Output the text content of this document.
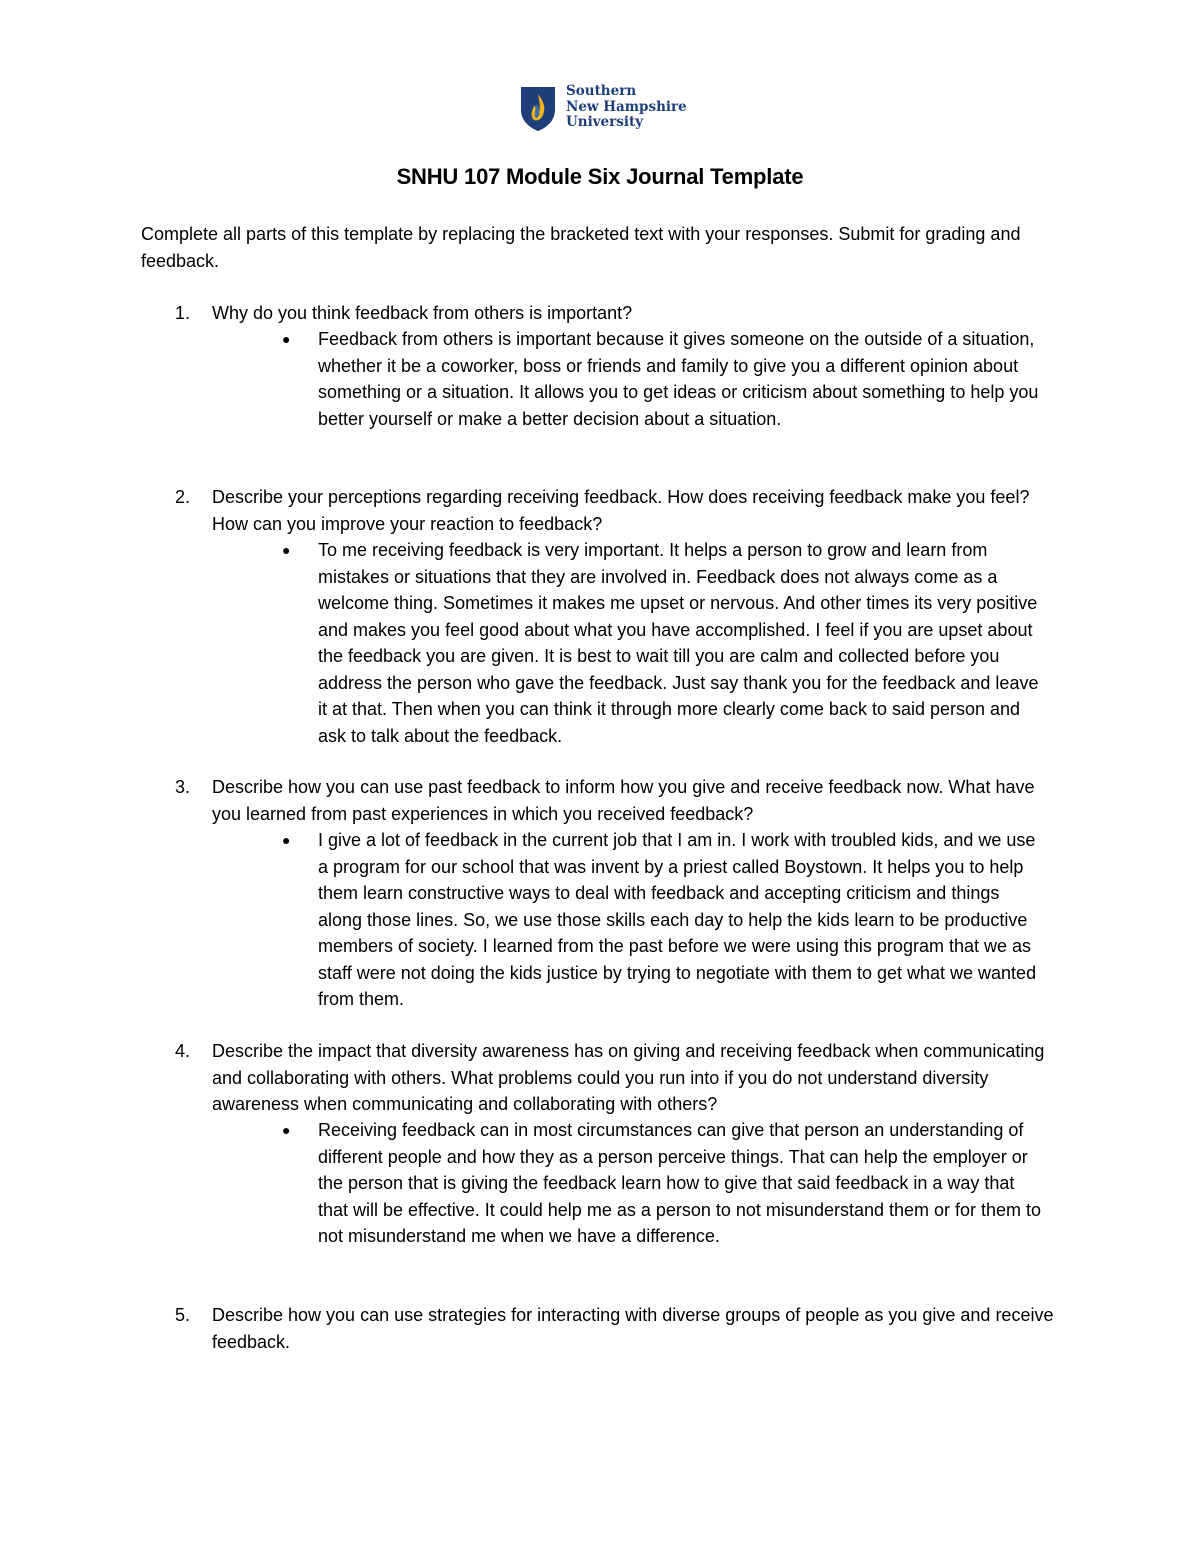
Southern
New Hampshire
University
SNHU 107 Module Six Journal Template
Complete all parts of this template by replacing the bracketed text with your responses. Submit for grading and feedback.
1. Why do you think feedback from others is important?
● Feedback from others is important because it gives someone on the outside of a situation, whether it be a coworker, boss or friends and family to give you a different opinion about something or a situation. It allows you to get ideas or criticism about something to help you better yourself or make a better decision about a situation.
2. Describe your perceptions regarding receiving feedback. How does receiving feedback make you feel? How can you improve your reaction to feedback?
● To me receiving feedback is very important. It helps a person to grow and learn from mistakes or situations that they are involved in. Feedback does not always come as a welcome thing. Sometimes it makes me upset or nervous. And other times its very positive and makes you feel good about what you have accomplished. I feel if you are upset about the feedback you are given. It is best to wait till you are calm and collected before you address the person who gave the feedback. Just say thank you for the feedback and leave it at that. Then when you can think it through more clearly come back to said person and ask to talk about the feedback.
3. Describe how you can use past feedback to inform how you give and receive feedback now. What have you learned from past experiences in which you received feedback?
● I give a lot of feedback in the current job that I am in. I work with troubled kids, and we use a program for our school that was invent by a priest called Boystown. It helps you to help them learn constructive ways to deal with feedback and accepting criticism and things along those lines. So, we use those skills each day to help the kids learn to be productive members of society. I learned from the past before we were using this program that we as staff were not doing the kids justice by trying to negotiate with them to get what we wanted from them.
4. Describe the impact that diversity awareness has on giving and receiving feedback when communicating and collaborating with others. What problems could you run into if you do not understand diversity awareness when communicating and collaborating with others?
● Receiving feedback can in most circumstances can give that person an understanding of different people and how they as a person perceive things. That can help the employer or the person that is giving the feedback learn how to give that said feedback in a way that that will be effective. It could help me as a person to not misunderstand them or for them to not misunderstand me when we have a difference.
5. Describe how you can use strategies for interacting with diverse groups of people as you give and receive feedback.
